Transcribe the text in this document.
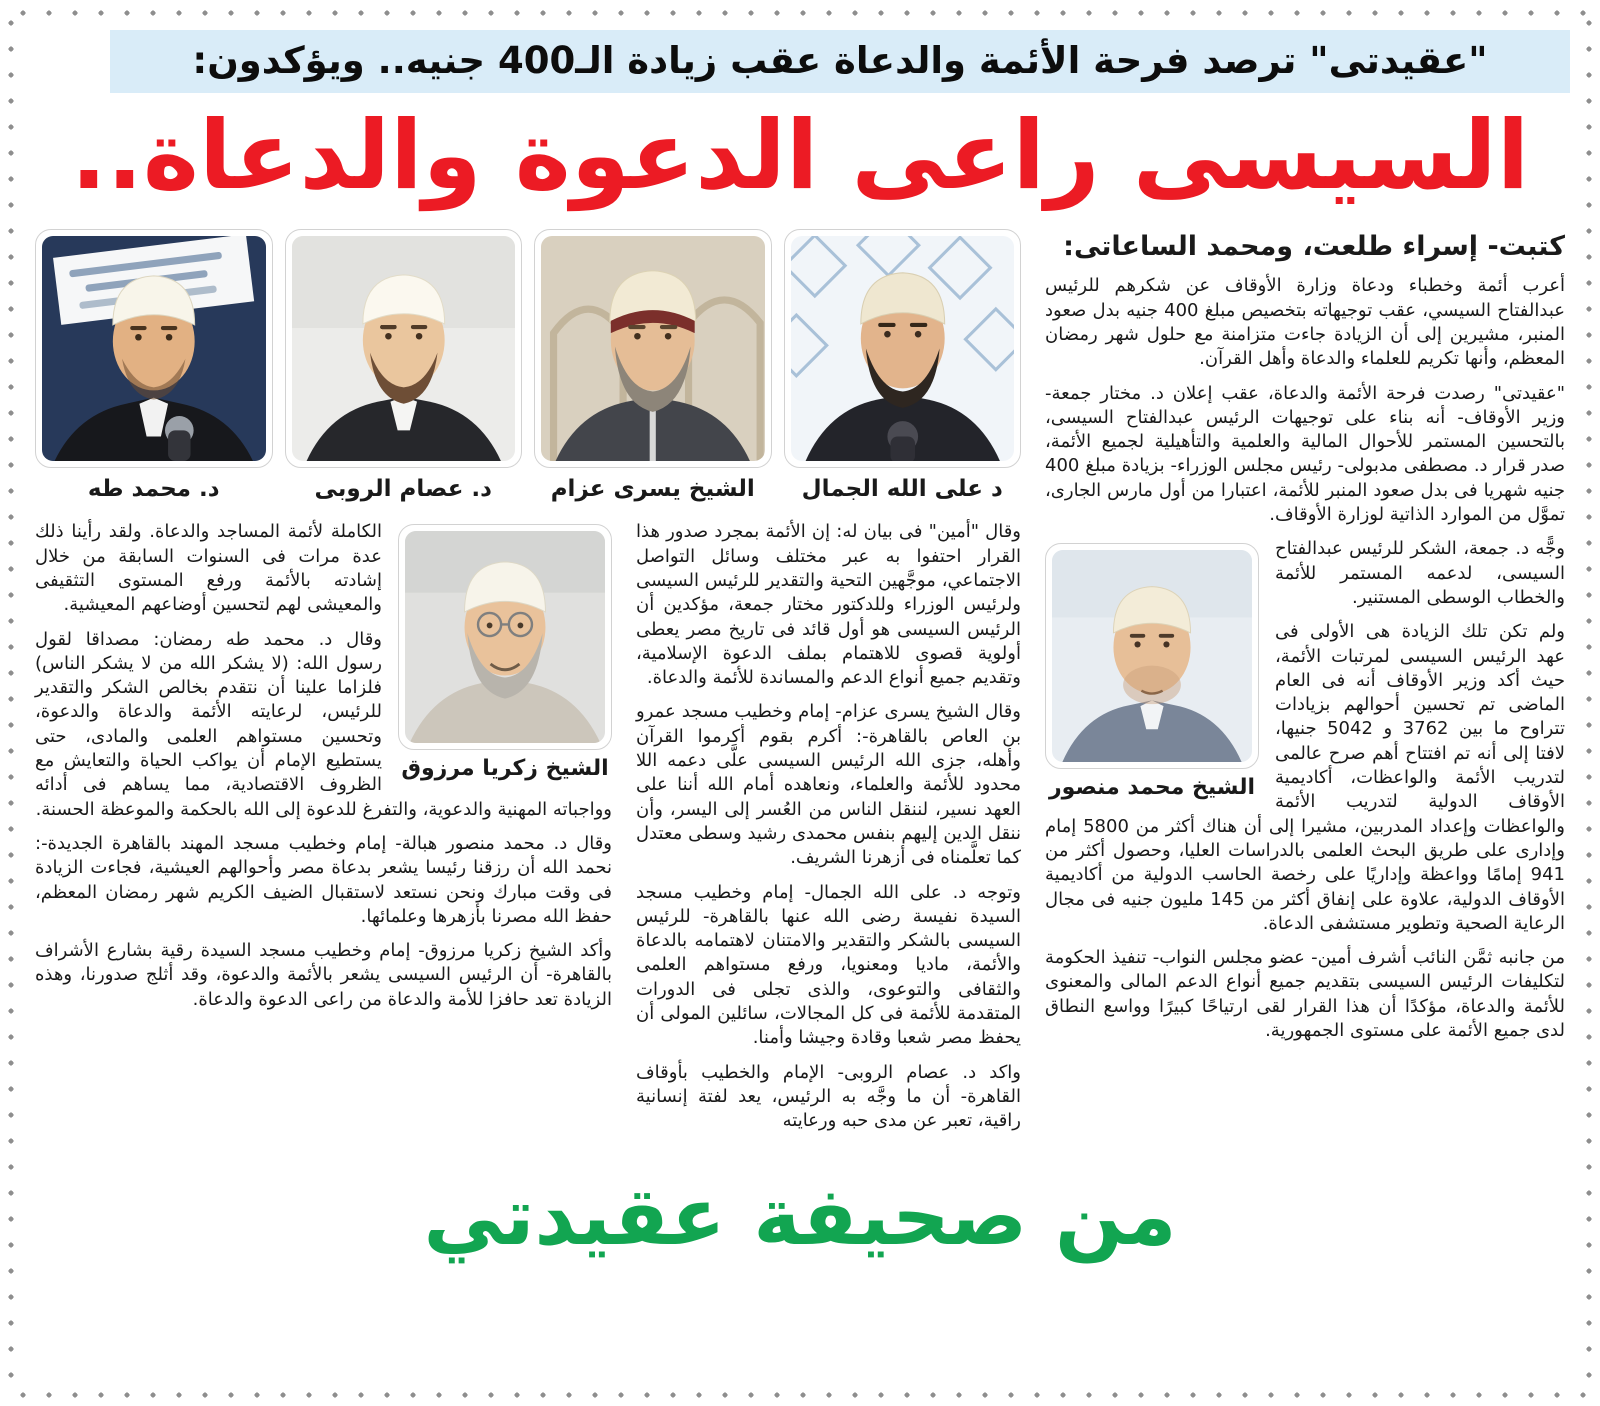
"عقيدتى" ترصد فرحة الأئمة والدعاة عقب زيادة الـ400 جنيه.. ويؤكدون:
السيسى راعى الدعوة والدعاة..
كتبت- إسراء طلعت، ومحمد الساعاتى:

أعرب أئمة وخطباء ودعاة وزارة الأوقاف عن شكرهم للرئيس عبدالفتاح السيسي، عقب توجيهاته بتخصيص مبلغ 400 جنيه بدل صعود المنبر، مشيرين إلى أن الزيادة جاءت متزامنة مع حلول شهر رمضان المعظم، وأنها تكريم للعلماء والدعاة وأهل القرآن.

"عقيدتى" رصدت فرحة الأئمة والدعاة، عقب إعلان د. مختار جمعة- وزير الأوقاف- أنه بناء على توجيهات الرئيس عبدالفتاح السيسى، بالتحسين المستمر للأحوال المالية والعلمية والتأهيلية لجميع الأئمة، صدر قرار د. مصطفى مدبولى- رئيس مجلس الوزراء- بزيادة مبلغ 400 جنيه شهريا فى بدل صعود المنبر للأئمة، اعتبارا من أول مارس الجارى، تموَّل من الموارد الذاتية لوزارة الأوقاف.

الشيخ محمد منصور

وجًّه د. جمعة، الشكر للرئيس عبدالفتاح السيسى، لدعمه المستمر للأئمة والخطاب الوسطى المستنير.

ولم تكن تلك الزيادة هى الأولى فى عهد الرئيس السيسى لمرتبات الأئمة، حيث أكد وزير الأوقاف أنه فى العام الماضى تم تحسين أحوالهم بزيادات تتراوح ما بين 3762 و 5042 جنيها، لافتا إلى أنه تم افتتاح أهم صرح عالمى لتدريب الأئمة والواعظات، أكاديمية الأوقاف الدولية لتدريب الأئمة والواعظات وإعداد المدربين، مشيرا إلى أن هناك أكثر من 5800 إمام وإدارى على طريق البحث العلمى بالدراسات العليا، وحصول أكثر من 941 إمامًا وواعظة وإداريًا على رخصة الحاسب الدولية من أكاديمية الأوقاف الدولية، علاوة على إنفاق أكثر من 145 مليون جنيه فى مجال الرعاية الصحية وتطوير مستشفى الدعاة.

من جانبه ثمَّن النائب أشرف أمين- عضو مجلس النواب- تنفيذ الحكومة لتكليفات الرئيس السيسى بتقديم جميع أنواع الدعم المالى والمعنوى للأئمة والدعاة، مؤكدًا أن هذا القرار لقى ارتياحًا كبيرًا وواسع النطاق لدى جميع الأئمة على مستوى الجمهورية.

د على الله الجمال
الشيخ يسرى عزام
د. عصام الروبى
د. محمد طه

وقال "أمين" فى بيان له: إن الأئمة بمجرد صدور هذا القرار احتفوا به عبر مختلف وسائل التواصل الاجتماعي، موجَّهين التحية والتقدير للرئيس السيسى ولرئيس الوزراء وللدكتور مختار جمعة، مؤكدين أن الرئيس السيسى هو أول قائد فى تاريخ مصر يعطى أولوية قصوى للاهتمام بملف الدعوة الإسلامية، وتقديم جميع أنواع الدعم والمساندة للأئمة والدعاة.

وقال الشيخ يسرى عزام- إمام وخطيب مسجد عمرو بن العاص بالقاهرة-: أكرم بقوم أكرموا القرآن وأهله، جزى الله الرئيس السيسى علَّى دعمه اللا محدود للأئمة والعلماء، ونعاهده أمام الله أننا على العهد نسير، لننقل الناس من العُسر إلى اليسر، وأن ننقل الدين إليهم بنفس محمدى رشيد وسطى معتدل كما تعلَّمناه فى أزهرنا الشريف.

وتوجه د. على الله الجمال- إمام وخطيب مسجد السيدة نفيسة رضى الله عنها بالقاهرة- للرئيس السيسى بالشكر والتقدير والامتنان لاهتمامه بالدعاة والأئمة، ماديا ومعنويا، ورفع مستواهم العلمى والثقافى والتوعوى، والذى تجلى فى الدورات المتقدمة للأئمة فى كل المجالات، سائلين المولى أن يحفظ مصر شعبا وقادة وجيشا وأمنا.

واكد د. عصام الروبى- الإمام والخطيب بأوقاف القاهرة- أن ما وجَّه به الرئيس، يعد لفتة إنسانية راقية، تعبر عن مدى حبه ورعايته

الشيخ زكريا مرزوق

الكاملة لأئمة المساجد والدعاة. ولقد رأينا ذلك عدة مرات فى السنوات السابقة من خلال إشادته بالأئمة ورفع المستوى التثقيفى والمعيشى لهم لتحسين أوضاعهم المعيشية.

وقال د. محمد طه رمضان: مصداقا لقول رسول الله: (لا يشكر الله من لا يشكر الناس) فلزاما علينا أن نتقدم بخالص الشكر والتقدير للرئيس، لرعايته الأئمة والدعاة والدعوة، وتحسين مستواهم العلمى والمادى، حتى يستطيع الإمام أن يواكب الحياة والتعايش مع الظروف الاقتصادية، مما يساهم فى أدائه وواجباته المهنية والدعوية، والتفرغ للدعوة إلى الله بالحكمة والموعظة الحسنة.

وقال د. محمد منصور هبالة- إمام وخطيب مسجد المهند بالقاهرة الجديدة-: نحمد الله أن رزقنا رئيسا يشعر بدعاة مصر وأحوالهم العيشية، فجاءت الزيادة فى وقت مبارك ونحن نستعد لاستقبال الضيف الكريم شهر رمضان المعظم، حفظ الله مصرنا بأزهرها وعلمائها.

وأكد الشيخ زكريا مرزوق- إمام وخطيب مسجد السيدة رقية بشارع الأشراف بالقاهرة- أن الرئيس السيسى يشعر بالأئمة والدعوة، وقد أثلج صدورنا، وهذه الزيادة تعد حافزا للأمة والدعاة من راعى الدعوة والدعاة.

من صحيفة عقيدتي
